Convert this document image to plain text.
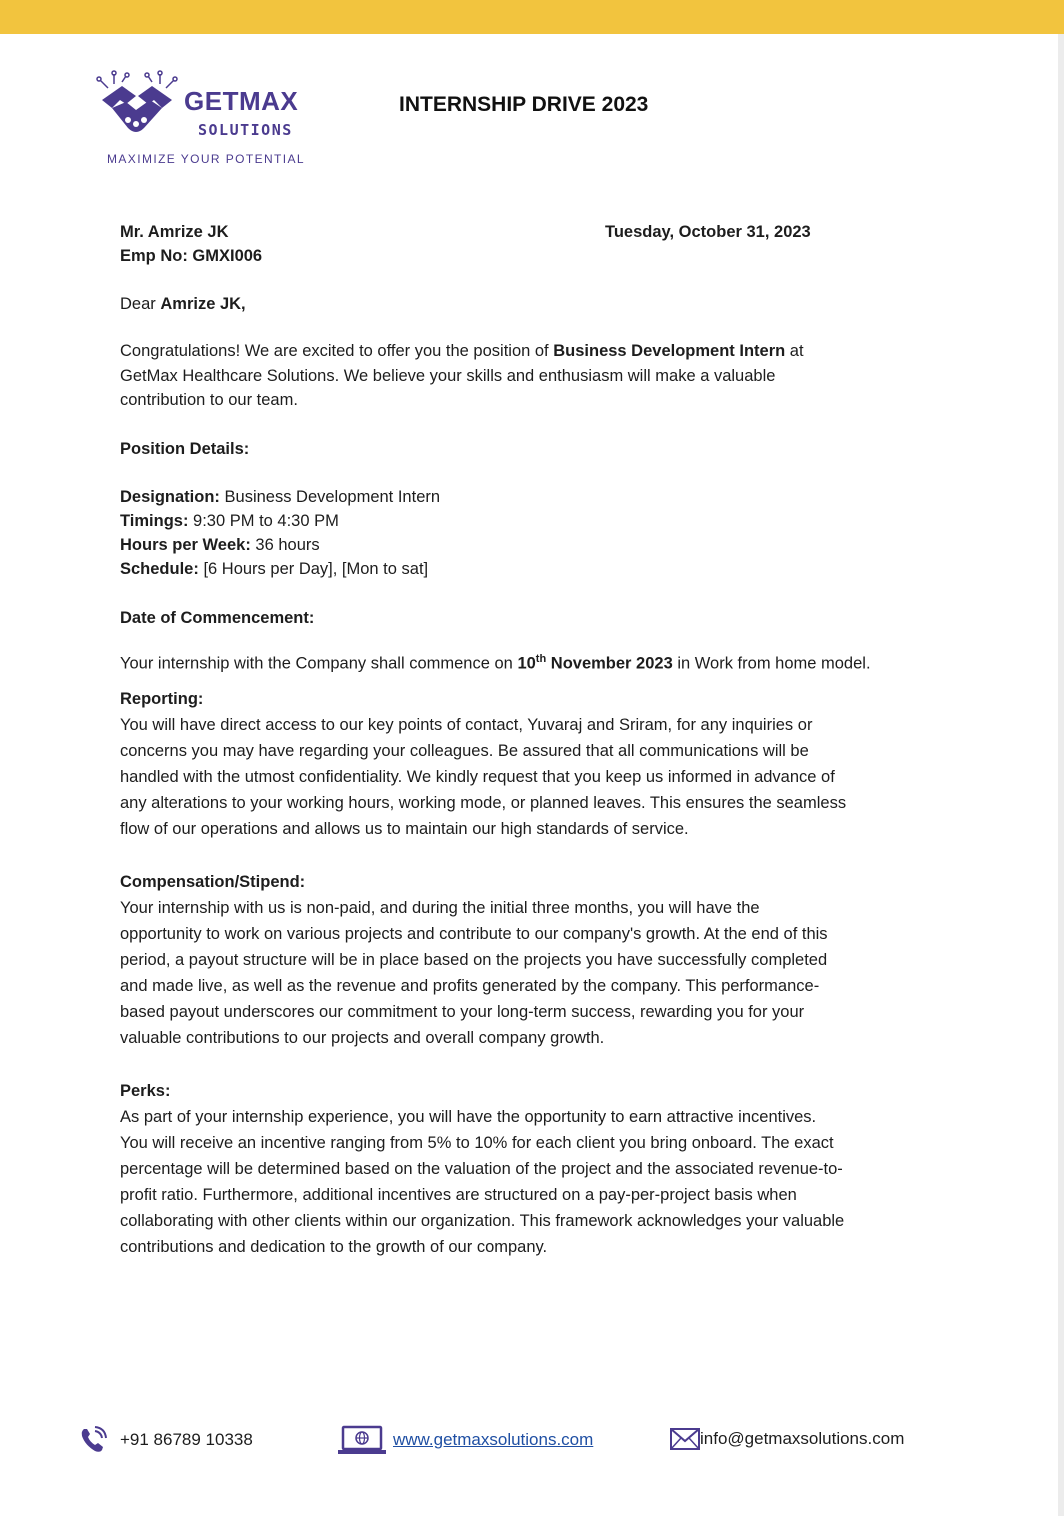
GETMAX
SOLUTIONS
MAXIMIZE YOUR POTENTIAL
INTERNSHIP DRIVE 2023
Mr. Amrize JK
Emp No: GMXI006
Tuesday, October 31, 2023
Dear Amrize JK,
Congratulations! We are excited to offer you the position of Business Development Intern at
GetMax Healthcare Solutions. We believe your skills and enthusiasm will make a valuable
contribution to our team.
Position Details:
Designation: Business Development Intern
Timings: 9:30 PM to 4:30 PM
Hours per Week: 36 hours
Schedule: [6 Hours per Day], [Mon to sat]
Date of Commencement:
Your internship with the Company shall commence on 10th November 2023 in Work from home model.
Reporting:
You will have direct access to our key points of contact, Yuvaraj and Sriram, for any inquiries or
concerns you may have regarding your colleagues. Be assured that all communications will be
handled with the utmost confidentiality. We kindly request that you keep us informed in advance of
any alterations to your working hours, working mode, or planned leaves. This ensures the seamless
flow of our operations and allows us to maintain our high standards of service.
Compensation/Stipend:
Your internship with us is non-paid, and during the initial three months, you will have the
opportunity to work on various projects and contribute to our company's growth. At the end of this
period, a payout structure will be in place based on the projects you have successfully completed
and made live, as well as the revenue and profits generated by the company. This performance-
based payout underscores our commitment to your long-term success, rewarding you for your
valuable contributions to our projects and overall company growth.
Perks:
As part of your internship experience, you will have the opportunity to earn attractive incentives.
You will receive an incentive ranging from 5% to 10% for each client you bring onboard. The exact
percentage will be determined based on the valuation of the project and the associated revenue-to-
profit ratio. Furthermore, additional incentives are structured on a pay-per-project basis when
collaborating with other clients within our organization. This framework acknowledges your valuable
contributions and dedication to the growth of our company.
+91 86789 10338	www.getmaxsolutions.com	info@getmaxsolutions.com
